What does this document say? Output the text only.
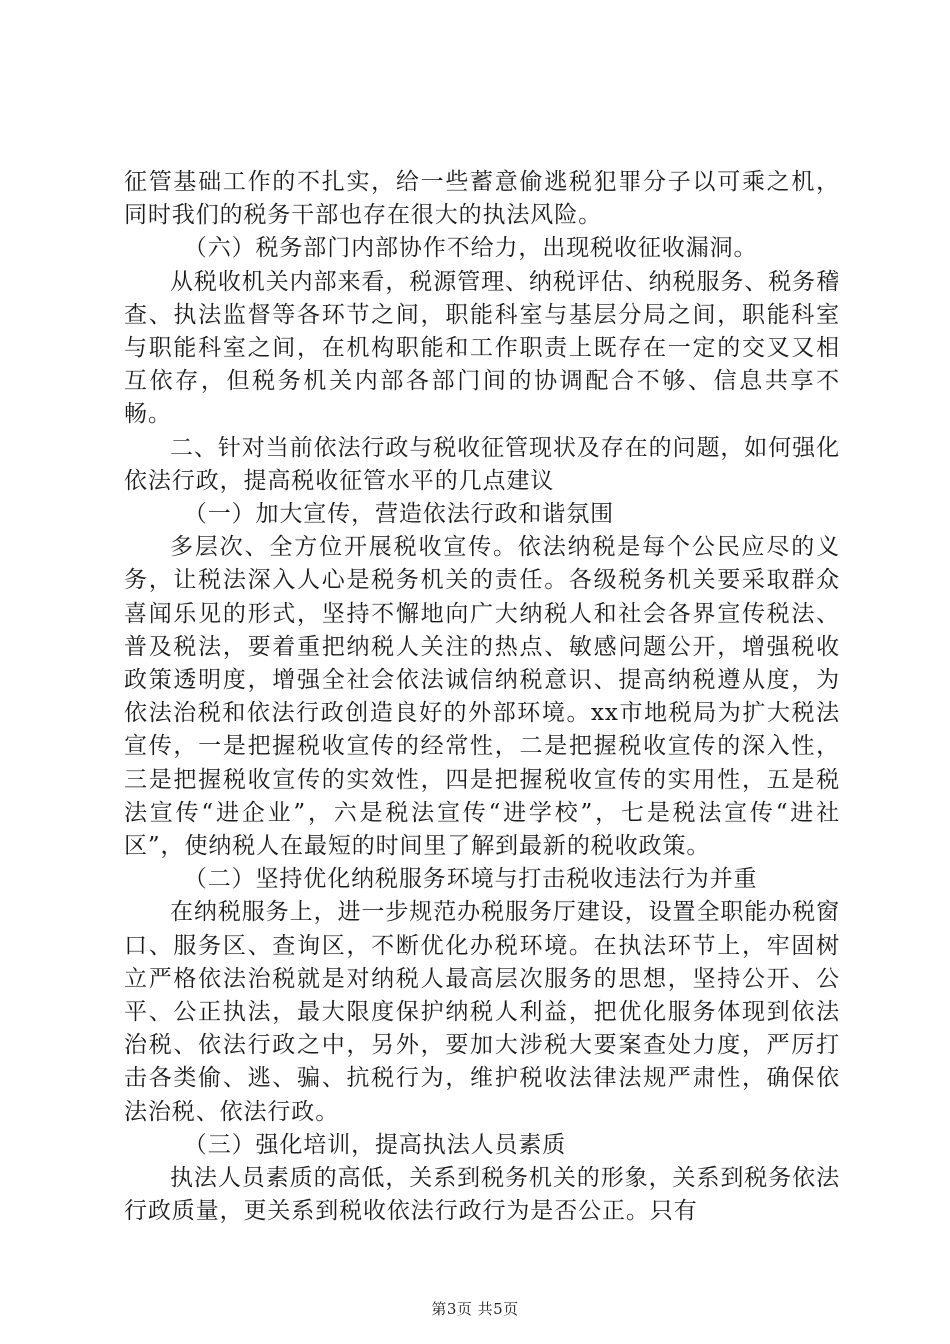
征管基础工作的不扎实，给一些蓄意偷逃税犯罪分子以可乘之机，同时我们的税务干部也存在很大的执法风险。

（六）税务部门内部协作不给力，出现税收征收漏洞。

从税收机关内部来看，税源管理、纳税评估、纳税服务、税务稽查、执法监督等各环节之间，职能科室与基层分局之间，职能科室与职能科室之间，在机构职能和工作职责上既存在一定的交叉又相互依存，但税务机关内部各部门间的协调配合不够、信息共享不畅。

二、针对当前依法行政与税收征管现状及存在的问题，如何强化依法行政，提高税收征管水平的几点建议

（一）加大宣传，营造依法行政和谐氛围

多层次、全方位开展税收宣传。依法纳税是每个公民应尽的义务，让税法深入人心是税务机关的责任。各级税务机关要采取群众喜闻乐见的形式，坚持不懈地向广大纳税人和社会各界宣传税法、普及税法，要着重把纳税人关注的热点、敏感问题公开，增强税收政策透明度，增强全社会依法诚信纳税意识、提高纳税遵从度，为依法治税和依法行政创造良好的外部环境。xx市地税局为扩大税法宣传，一是把握税收宣传的经常性，二是把握税收宣传的深入性，三是把握税收宣传的实效性，四是把握税收宣传的实用性，五是税法宣传“进企业”，六是税法宣传“进学校”，七是税法宣传“进社区”，使纳税人在最短的时间里了解到最新的税收政策。

（二）坚持优化纳税服务环境与打击税收违法行为并重

在纳税服务上，进一步规范办税服务厅建设，设置全职能办税窗口、服务区、查询区，不断优化办税环境。在执法环节上，牢固树立严格依法治税就是对纳税人最高层次服务的思想，坚持公开、公平、公正执法，最大限度保护纳税人利益，把优化服务体现到依法治税、依法行政之中，另外，要加大涉税大要案查处力度，严厉打击各类偷、逃、骗、抗税行为，维护税收法律法规严肃性，确保依法治税、依法行政。

（三）强化培训，提高执法人员素质

执法人员素质的高低，关系到税务机关的形象，关系到税务依法行政质量，更关系到税收依法行政行为是否公正。只有

第3页 共5页
